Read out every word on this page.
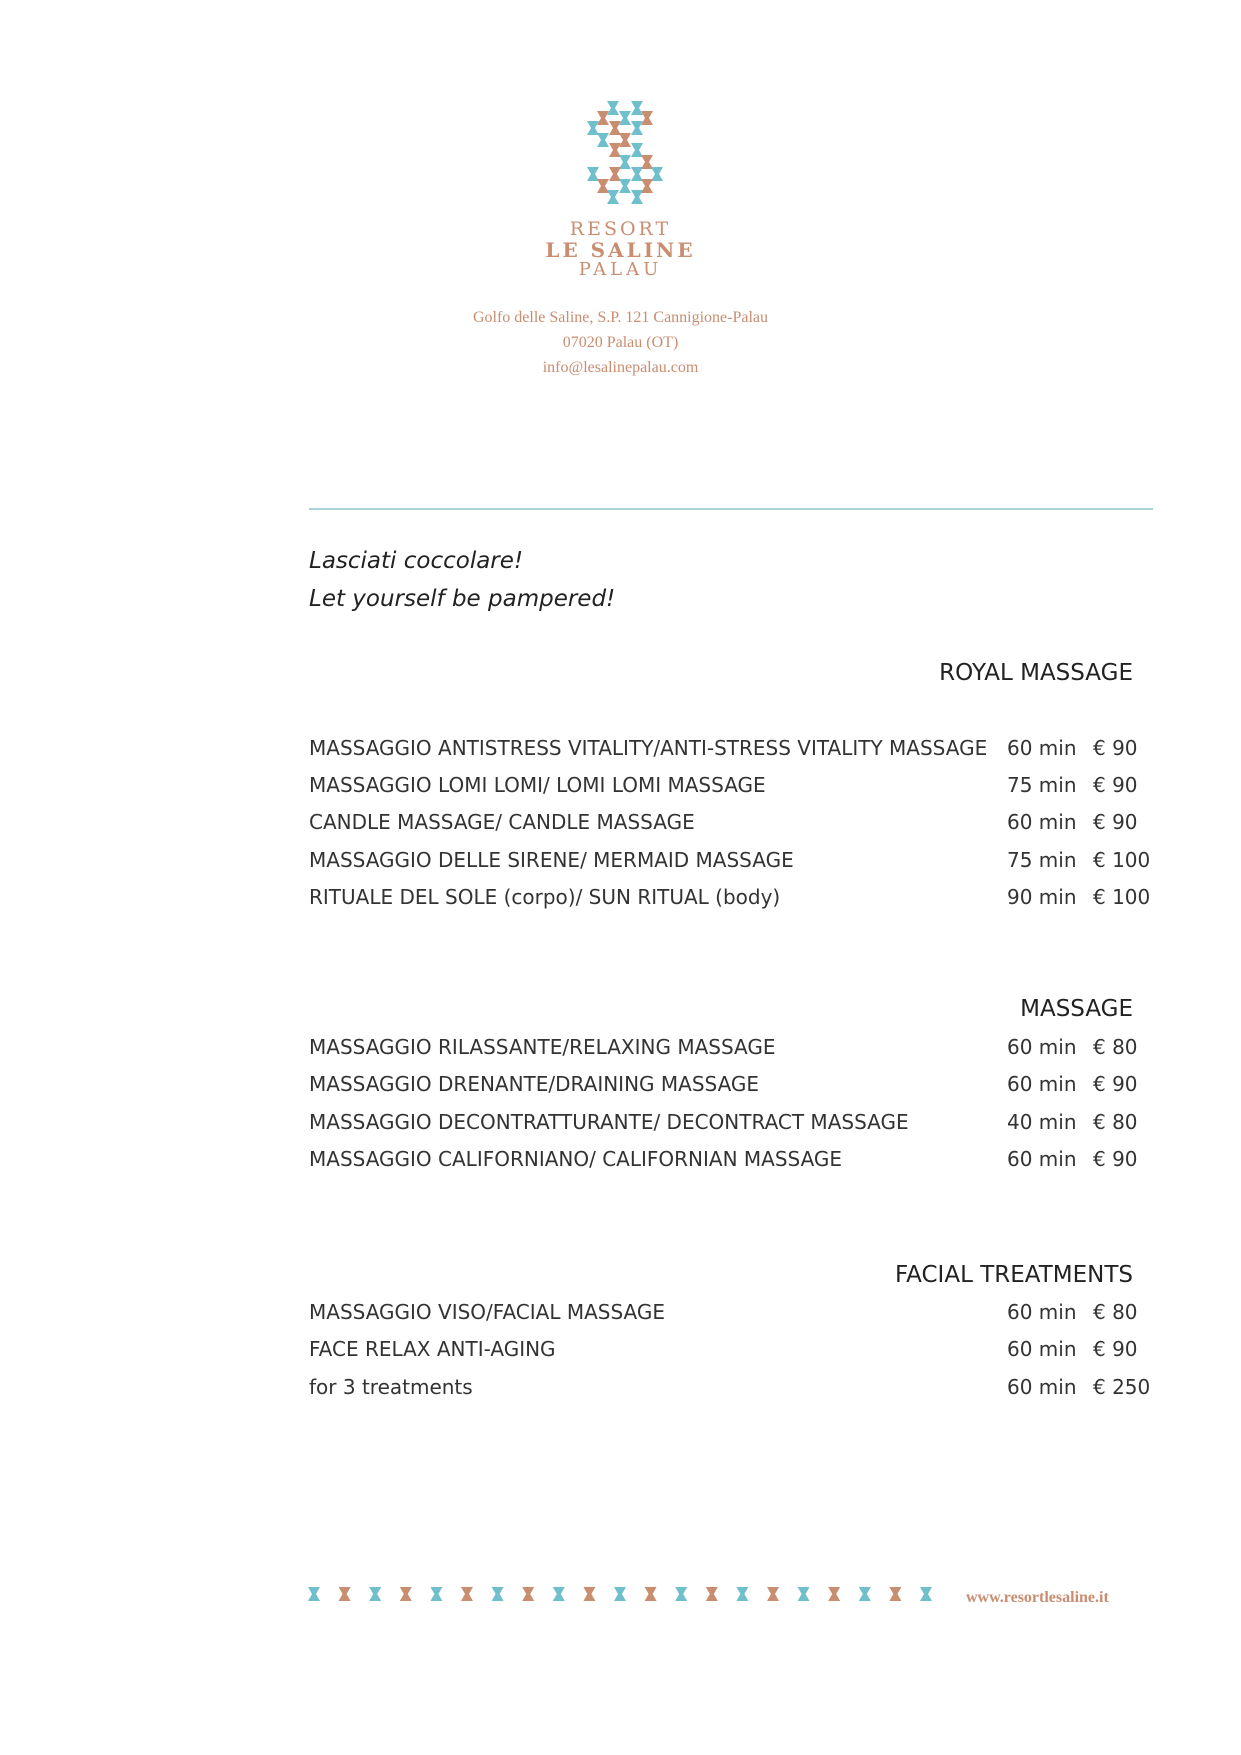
RESORT
LE SALINE
PALAU
Golfo delle Saline, S.P. 121 Cannigione-Palau
07020 Palau (OT)
info@lesalinepalau.com
Lasciati coccolare!
Let yourself be pampered!
ROYAL MASSAGE
MASSAGGIO ANTISTRESS VITALITY/ANTI-STRESS VITALITY MASSAGE 60 min € 90
MASSAGGIO LOMI LOMI/ LOMI LOMI MASSAGE	75 min € 90
CANDLE MASSAGE/ CANDLE MASSAGE	60 min € 90
MASSAGGIO DELLE SIRENE/ MERMAID MASSAGE	75 min € 100
RITUALE DEL SOLE (corpo)/ SUN RITUAL (body)	90 min € 100
MASSAGE
MASSAGGIO RILASSANTE/RELAXING MASSAGE	60 min € 80
MASSAGGIO DRENANTE/DRAINING MASSAGE	60 min € 90
MASSAGGIO DECONTRATTURANTE/ DECONTRACT MASSAGE	40 min € 80
MASSAGGIO CALIFORNIANO/ CALIFORNIAN MASSAGE	60 min € 90
FACIAL TREATMENTS
MASSAGGIO VISO/FACIAL MASSAGE	60 min € 80
FACE RELAX ANTI-AGING	60 min € 90
for 3 treatments	60 min € 250
www.resortlesaline.it
